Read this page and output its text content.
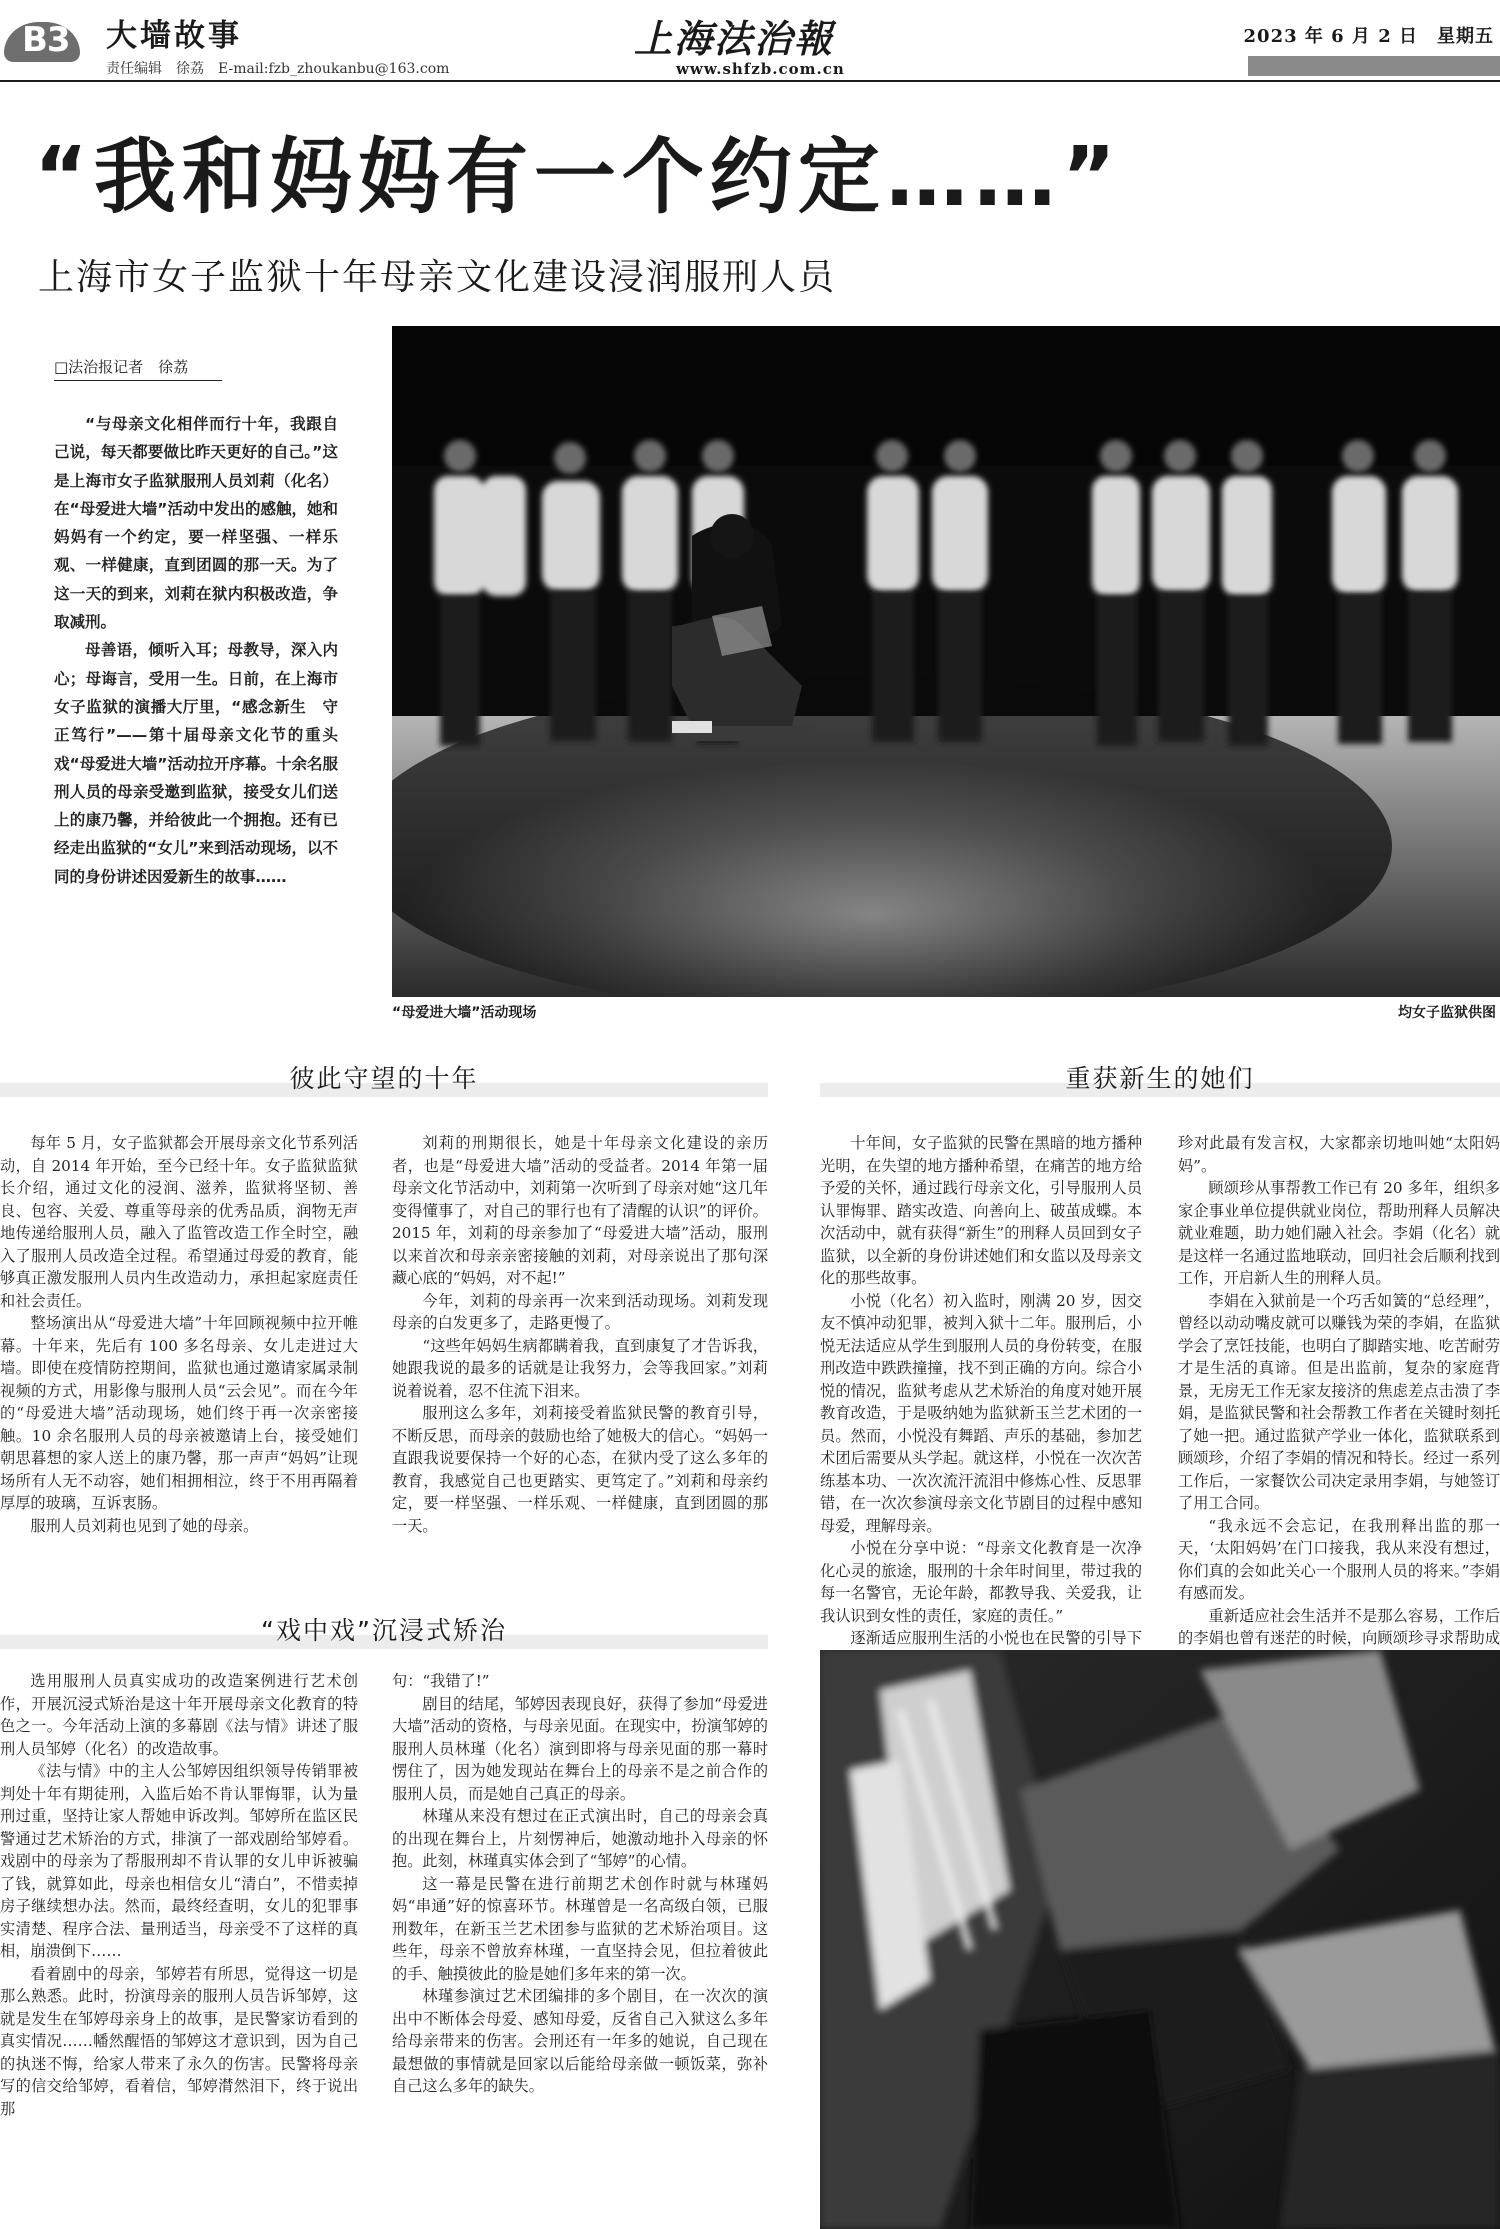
B3 大墙故事
责任编辑　徐荔　E-mail:fzb_zhoukanbu@163.com
上海法治報
www.shfzb.com.cn
2023 年 6 月 2 日　星期五
“我和妈妈有一个约定……”
上海市女子监狱十年母亲文化建设浸润服刑人员
□法治报记者　徐荔

“与母亲文化相伴而行十年，我跟自己说，每天都要做比昨天更好的自己。”这是上海市女子监狱服刑人员刘莉（化名）在“母爱进大墙”活动中发出的感触，她和妈妈有一个约定，要一样坚强、一样乐观、一样健康，直到团圆的那一天。为了这一天的到来，刘莉在狱内积极改造，争取减刑。

母善语，倾听入耳；母教导，深入内心；母诲言，受用一生。日前，在上海市女子监狱的演播大厅里，“感念新生　守正笃行”——第十届母亲文化节的重头戏“母爱进大墙”活动拉开序幕。十余名服刑人员的母亲受邀到监狱，接受女儿们送上的康乃馨，并给彼此一个拥抱。还有已经走出监狱的“女儿”来到活动现场，以不同的身份讲述因爱新生的故事……

“母爱进大墙”活动现场	均女子监狱供图
彼此守望的十年	重获新生的她们
“戏中戏”沉浸式矫治

每年 5 月，女子监狱都会开展母亲文化节系列活动，自 2014 年开始，至今已经十年。女子监狱监狱长介绍，通过文化的浸润、滋养，监狱将坚韧、善良、包容、关爱、尊重等母亲的优秀品质，润物无声地传递给服刑人员，融入了监管改造工作全时空，融入了服刑人员改造全过程。希望通过母爱的教育，能够真正激发服刑人员内生改造动力，承担起家庭责任和社会责任。

整场演出从“母爱进大墙”十年回顾视频中拉开帷幕。十年来，先后有 100 多名母亲、女儿走进过大墙。即使在疫情防控期间，监狱也通过邀请家属录制视频的方式，用影像与服刑人员“云会见”。而在今年的“母爱进大墙”活动现场，她们终于再一次亲密接触。10 余名服刑人员的母亲被邀请上台，接受她们朝思暮想的家人送上的康乃馨，那一声声“妈妈”让现场所有人无不动容，她们相拥相泣，终于不用再隔着厚厚的玻璃，互诉衷肠。

服刑人员刘莉也见到了她的母亲。

刘莉的刑期很长，她是十年母亲文化建设的亲历者，也是“母爱进大墙”活动的受益者。2014 年第一届母亲文化节活动中，刘莉第一次听到了母亲对她“这几年变得懂事了，对自己的罪行也有了清醒的认识”的评价。2015 年，刘莉的母亲参加了“母爱进大墙”活动，服刑以来首次和母亲亲密接触的刘莉，对母亲说出了那句深藏心底的“妈妈，对不起!”

今年，刘莉的母亲再一次来到活动现场。刘莉发现母亲的白发更多了，走路更慢了。

“这些年妈妈生病都瞒着我，直到康复了才告诉我，她跟我说的最多的话就是让我努力，会等我回家。”刘莉说着说着，忍不住流下泪来。

服刑这么多年，刘莉接受着监狱民警的教育引导，不断反思，而母亲的鼓励也给了她极大的信心。“妈妈一直跟我说要保持一个好的心态，在狱内受了这么多年的教育，我感觉自己也更踏实、更笃定了。”刘莉和母亲约定，要一样坚强、一样乐观、一样健康，直到团圆的那一天。

选用服刑人员真实成功的改造案例进行艺术创作，开展沉浸式矫治是这十年开展母亲文化教育的特色之一。今年活动上演的多幕剧《法与情》讲述了服刑人员邹婷（化名）的改造故事。

《法与情》中的主人公邹婷因组织领导传销罪被判处十年有期徒刑，入监后始不肯认罪悔罪，认为量刑过重，坚持让家人帮她申诉改判。邹婷所在监区民警通过艺术矫治的方式，排演了一部戏剧给邹婷看。戏剧中的母亲为了帮服刑却不肯认罪的女儿申诉被骗了钱，就算如此，母亲也相信女儿“清白”，不惜卖掉房子继续想办法。然而，最终经查明，女儿的犯罪事实清楚、程序合法、量刑适当，母亲受不了这样的真相，崩溃倒下……

看着剧中的母亲，邹婷若有所思，觉得这一切是那么熟悉。此时，扮演母亲的服刑人员告诉邹婷，这就是发生在邹婷母亲身上的故事，是民警家访看到的真实情况……幡然醒悟的邹婷这才意识到，因为自己的执迷不悔，给家人带来了永久的伤害。民警将母亲写的信交给邹婷，看着信，邹婷潸然泪下，终于说出那

句：“我错了!”

剧目的结尾，邹婷因表现良好，获得了参加“母爱进大墙”活动的资格，与母亲见面。在现实中，扮演邹婷的服刑人员林瑾（化名）演到即将与母亲见面的那一幕时愣住了，因为她发现站在舞台上的母亲不是之前合作的服刑人员，而是她自己真正的母亲。

林瑾从来没有想过在正式演出时，自己的母亲会真的出现在舞台上，片刻愣神后，她激动地扑入母亲的怀抱。此刻，林瑾真实体会到了“邹婷”的心情。

这一幕是民警在进行前期艺术创作时就与林瑾妈妈“串通”好的惊喜环节。林瑾曾是一名高级白领，已服刑数年，在新玉兰艺术团参与监狱的艺术矫治项目。这些年，母亲不曾放弃林瑾，一直坚持会见，但拉着彼此的手、触摸彼此的脸是她们多年来的第一次。

林瑾参演过艺术团编排的多个剧目，在一次次的演出中不断体会母爱、感知母爱，反省自己入狱这么多年给母亲带来的伤害。会刑还有一年多的她说，自己现在最想做的事情就是回家以后能给母亲做一顿饭菜，弥补自己这么多年的缺失。

十年间，女子监狱的民警在黑暗的地方播种光明，在失望的地方播种希望，在痛苦的地方给予爱的关怀，通过践行母亲文化，引导服刑人员认罪悔罪、踏实改造、向善向上、破茧成蝶。本次活动中，就有获得“新生”的刑释人员回到女子监狱，以全新的身份讲述她们和女监以及母亲文化的那些故事。

小悦（化名）初入监时，刚满 20 岁，因交友不慎冲动犯罪，被判入狱十二年。服刑后，小悦无法适应从学生到服刑人员的身份转变，在服刑改造中跌跌撞撞，找不到正确的方向。综合小悦的情况，监狱考虑从艺术矫治的角度对她开展教育改造，于是吸纳她为监狱新玉兰艺术团的一员。然而，小悦没有舞蹈、声乐的基础，参加艺术团后需要从头学起。就这样，小悦在一次次苦练基本功、一次次流汗流泪中修炼心性、反思罪错，在一次次参演母亲文化节剧目的过程中感知母爱，理解母亲。

小悦在分享中说：“母亲文化教育是一次净化心灵的旅途，服刑的十余年时间里，带过我的每一名警官，无论年龄，都教导我、关爱我，让我认识到女性的责任，家庭的责任。”

逐渐适应服刑生活的小悦也在民警的引导下

珍对此最有发言权，大家都亲切地叫她“太阳妈妈”。

顾颂珍从事帮教工作已有 20 多年，组织多家企事业单位提供就业岗位，帮助刑释人员解决就业难题，助力她们融入社会。李娟（化名）就是这样一名通过监地联动，回归社会后顺利找到工作，开启新人生的刑释人员。

李娟在入狱前是一个巧舌如簧的“总经理”，曾经以动动嘴皮就可以赚钱为荣的李娟，在监狱学会了烹饪技能，也明白了脚踏实地、吃苦耐劳才是生活的真谛。但是出监前，复杂的家庭背景，无房无工作无家友接济的焦虑差点击溃了李娟，是监狱民警和社会帮教工作者在关键时刻托了她一把。通过监狱产学业一体化，监狱联系到顾颂珍，介绍了李娟的情况和特长。经过一系列工作后，一家餐饮公司决定录用李娟，与她签订了用工合同。

“我永远不会忘记，在我刑释出监的那一天，‘太阳妈妈’在门口接我，我从来没有想过，你们真的会如此关心一个服刑人员的将来。”李娟有感而发。

重新适应社会生活并不是那么容易，工作后的李娟也曾有迷茫的时候，向顾颂珍寻求帮助成
